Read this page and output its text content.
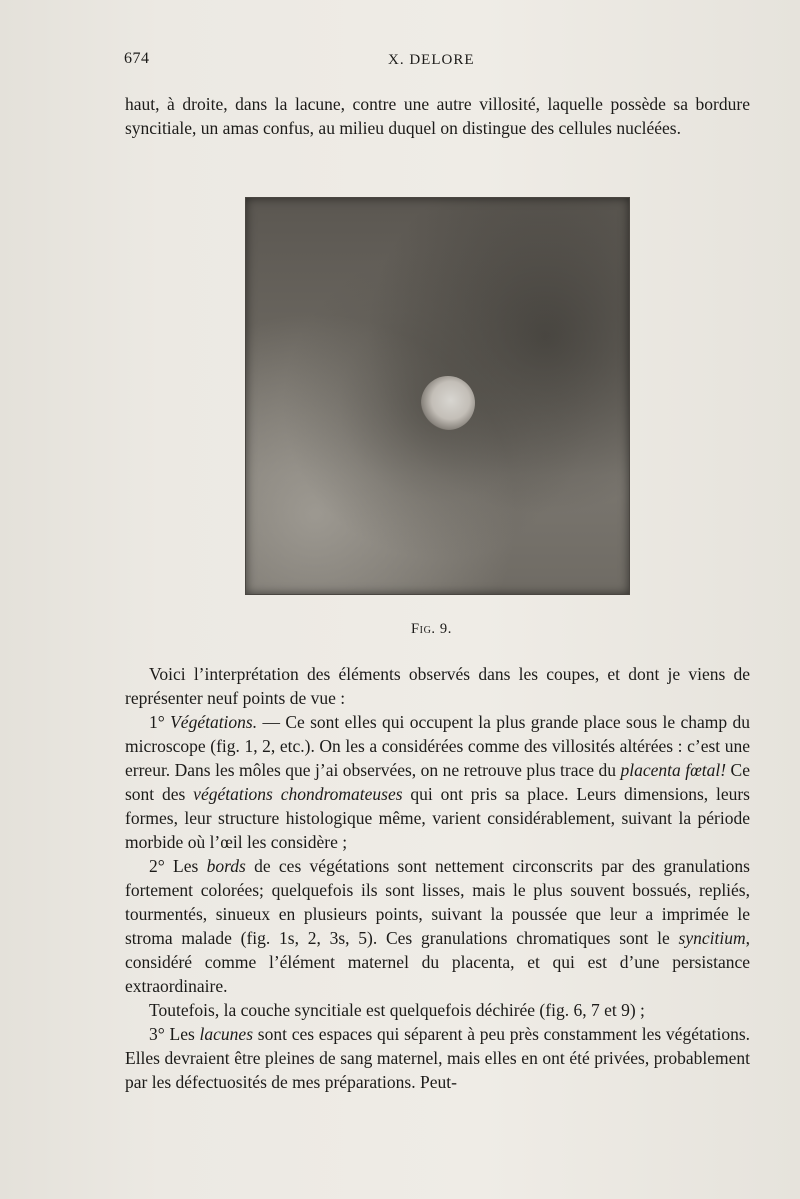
674	X. DELORE

haut, à droite, dans la lacune, contre une autre villosité, laquelle possède sa bordure syncitiale, un amas confus, au milieu duquel on distingue des cellules nucléées.

Fig. 9.

Voici l’interprétation des éléments observés dans les coupes, et dont je viens de représenter neuf points de vue :

1° Végétations. — Ce sont elles qui occupent la plus grande place sous le champ du microscope (fig. 1, 2, etc.). On les a considérées comme des villosités altérées : c’est une erreur. Dans les môles que j’ai observées, on ne retrouve plus trace du placenta fœtal! Ce sont des végétations chondromateuses qui ont pris sa place. Leurs dimensions, leurs formes, leur structure histologique même, varient considérablement, suivant la période morbide où l’œil les considère ;

2° Les bords de ces végétations sont nettement circonscrits par des granulations fortement colorées; quelquefois ils sont lisses, mais le plus souvent bossués, repliés, tourmentés, sinueux en plusieurs points, suivant la poussée que leur a imprimée le stroma malade (fig. 1s, 2, 3s, 5). Ces granulations chromatiques sont le syncitium, considéré comme l’élément maternel du placenta, et qui est d’une persistance extraordinaire.

Toutefois, la couche syncitiale est quelquefois déchirée (fig. 6, 7 et 9) ;

3° Les lacunes sont ces espaces qui séparent à peu près constamment les végétations. Elles devraient être pleines de sang maternel, mais elles en ont été privées, probablement par les défectuosités de mes préparations. Peut-
